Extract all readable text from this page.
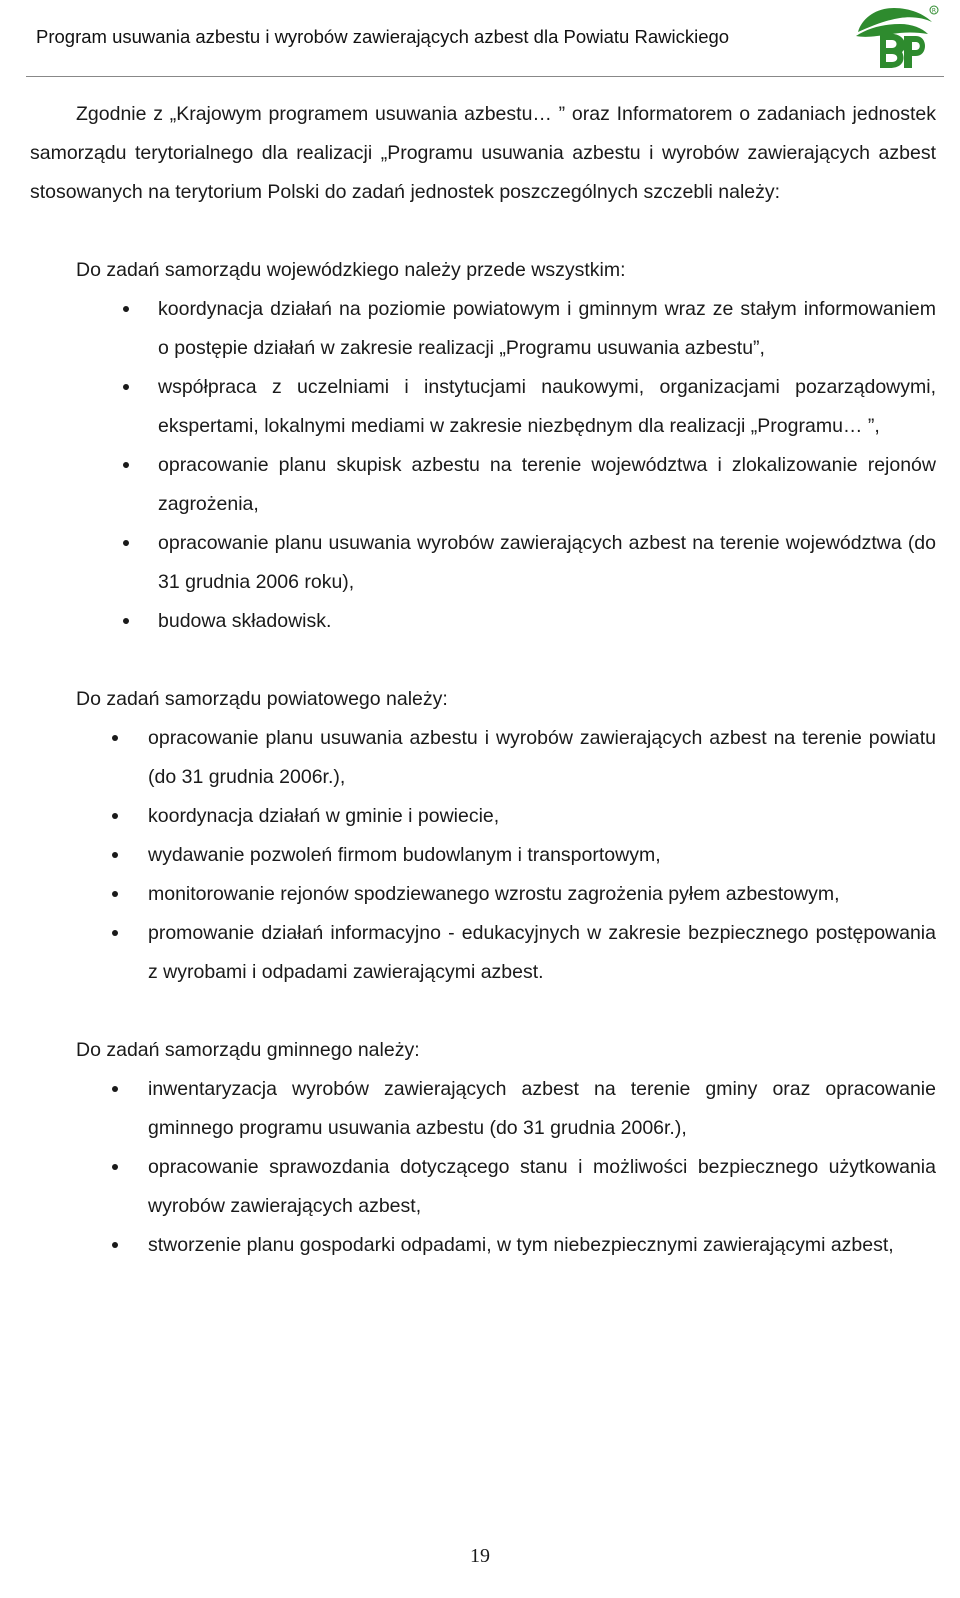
Program usuwania azbestu i wyrobów zawierających azbest dla Powiatu Rawickiego
R

Zgodnie z „Krajowym programem usuwania azbestu… ” oraz Informatorem o zadaniach jednostek samorządu terytorialnego dla realizacji „Programu usuwania azbestu i wyrobów zawierających azbest stosowanych na terytorium Polski do zadań jednostek poszczególnych szczebli należy:

Do zadań samorządu wojewódzkiego należy przede wszystkim:
koordynacja działań na poziomie powiatowym i gminnym wraz ze stałym informowaniem o postępie działań w zakresie realizacji „Programu usuwania azbestu”,
współpraca z uczelniami i instytucjami naukowymi, organizacjami pozarządowymi, ekspertami, lokalnymi mediami w zakresie niezbędnym dla realizacji „Programu… ”,
opracowanie planu skupisk azbestu na terenie województwa i zlokalizowanie rejonów zagrożenia,
opracowanie planu usuwania wyrobów zawierających azbest na terenie województwa (do 31 grudnia 2006 roku),
budowa składowisk.
Do zadań samorządu powiatowego należy:
opracowanie planu usuwania azbestu i wyrobów zawierających azbest na terenie powiatu (do 31 grudnia 2006r.),
koordynacja działań w gminie i powiecie,
wydawanie pozwoleń firmom budowlanym i transportowym,
monitorowanie rejonów spodziewanego wzrostu zagrożenia pyłem azbestowym,
promowanie działań informacyjno - edukacyjnych w zakresie bezpiecznego postępowania z wyrobami i odpadami zawierającymi azbest.
Do zadań samorządu gminnego należy:
inwentaryzacja wyrobów zawierających azbest na terenie gminy oraz opracowanie gminnego programu usuwania azbestu (do 31 grudnia 2006r.),
opracowanie sprawozdania dotyczącego stanu i możliwości bezpiecznego użytkowania wyrobów zawierających azbest,
stworzenie planu gospodarki odpadami, w tym niebezpiecznymi zawierającymi azbest,
19
